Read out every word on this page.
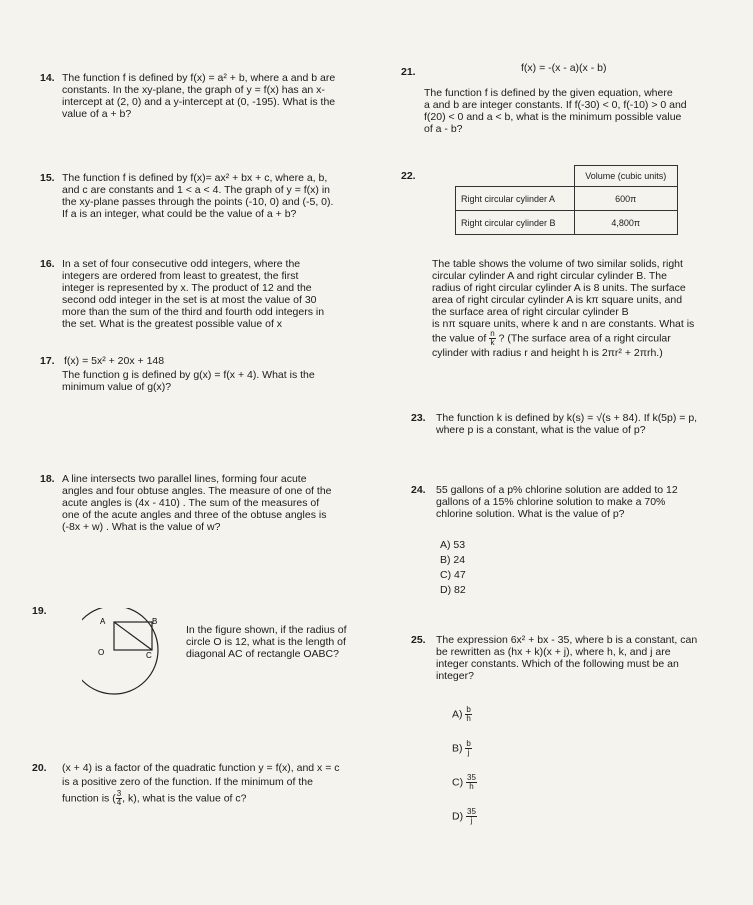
14. The function f is defined by f(x) = a² + b, where a and b are
constants. In the xy-plane, the graph of y = f(x) has an x-
intercept at (2, 0) and a y-intercept at (0, -195). What is the
value of a + b?
15. The function f is defined by f(x)= ax² + bx + c, where a, b,
and c are constants and 1 < a < 4. The graph of y = f(x) in
the xy-plane passes through the points (-10, 0) and (-5, 0).
If a is an integer, what could be the value of a + b?
16. In a set of four consecutive odd integers, where the
integers are ordered from least to greatest, the first
integer is represented by x. The product of 12 and the
second odd integer in the set is at most the value of 30
more than the sum of the third and fourth odd integers in
the set. What is the greatest possible value of x
17. f(x) = 5x² + 20x + 148
The function g is defined by g(x) = f(x + 4). What is the
minimum value of g(x)?
18. A line intersects two parallel lines, forming four acute
angles and four obtuse angles. The measure of one of the
acute angles is (4x - 410) . The sum of the measures of
one of the acute angles and three of the obtuse angles is
(-8x + w) . What is the value of w?
19.
A	B
O	C
In the figure shown, if the radius of
circle O is 12, what is the length of
diagonal AC of rectangle OABC?
20. (x + 4) is a factor of the quadratic function y = f(x), and x = c
is a positive zero of the function. If the minimum of the
function is ( $\frac{3}{4}$ , k), what is the value of c?
21.	f(x) = -(x - a)(x - b)
The function f is defined by the given equation, where
a and b are integer constants. If f(-30) < 0, f(-10) > 0 and
f(20) < 0 and a < b, what is the minimum possible value
of a - b?
22.
		Volume (cubic units)
Right circular cylinder A	600π
Right circular cylinder B	4,800π
The table shows the volume of two similar solids, right
circular cylinder A and right circular cylinder B. The
radius of right circular cylinder A is 8 units. The surface
area of right circular cylinder A is kπ square units, and
the surface area of right circular cylinder B
is nπ square units, where k and n are constants. What is
the value of $\frac{n}{k}$ ? (The surface area of a right circular
cylinder with radius r and height h is 2πr² + 2πrh.)
23. The function k is defined by k(s) = √(s + 84). If k(5p) = p,
where p is a constant, what is the value of p?
24. 55 gallons of a p% chlorine solution are added to 12
gallons of a 15% chlorine solution to make a 70%
chlorine solution. What is the value of p?
A) 53
B) 24
C) 47
D) 82
25. The expression 6x² + bx - 35, where b is a constant, can
be rewritten as (hx + k)(x + j), where h, k, and j are
integer constants. Which of the following must be an
integer?
$A) \frac{b}{h}$
$B) \frac{b}{j}$
$C) \frac{35}{h}$
$D) \frac{35}{j}$
